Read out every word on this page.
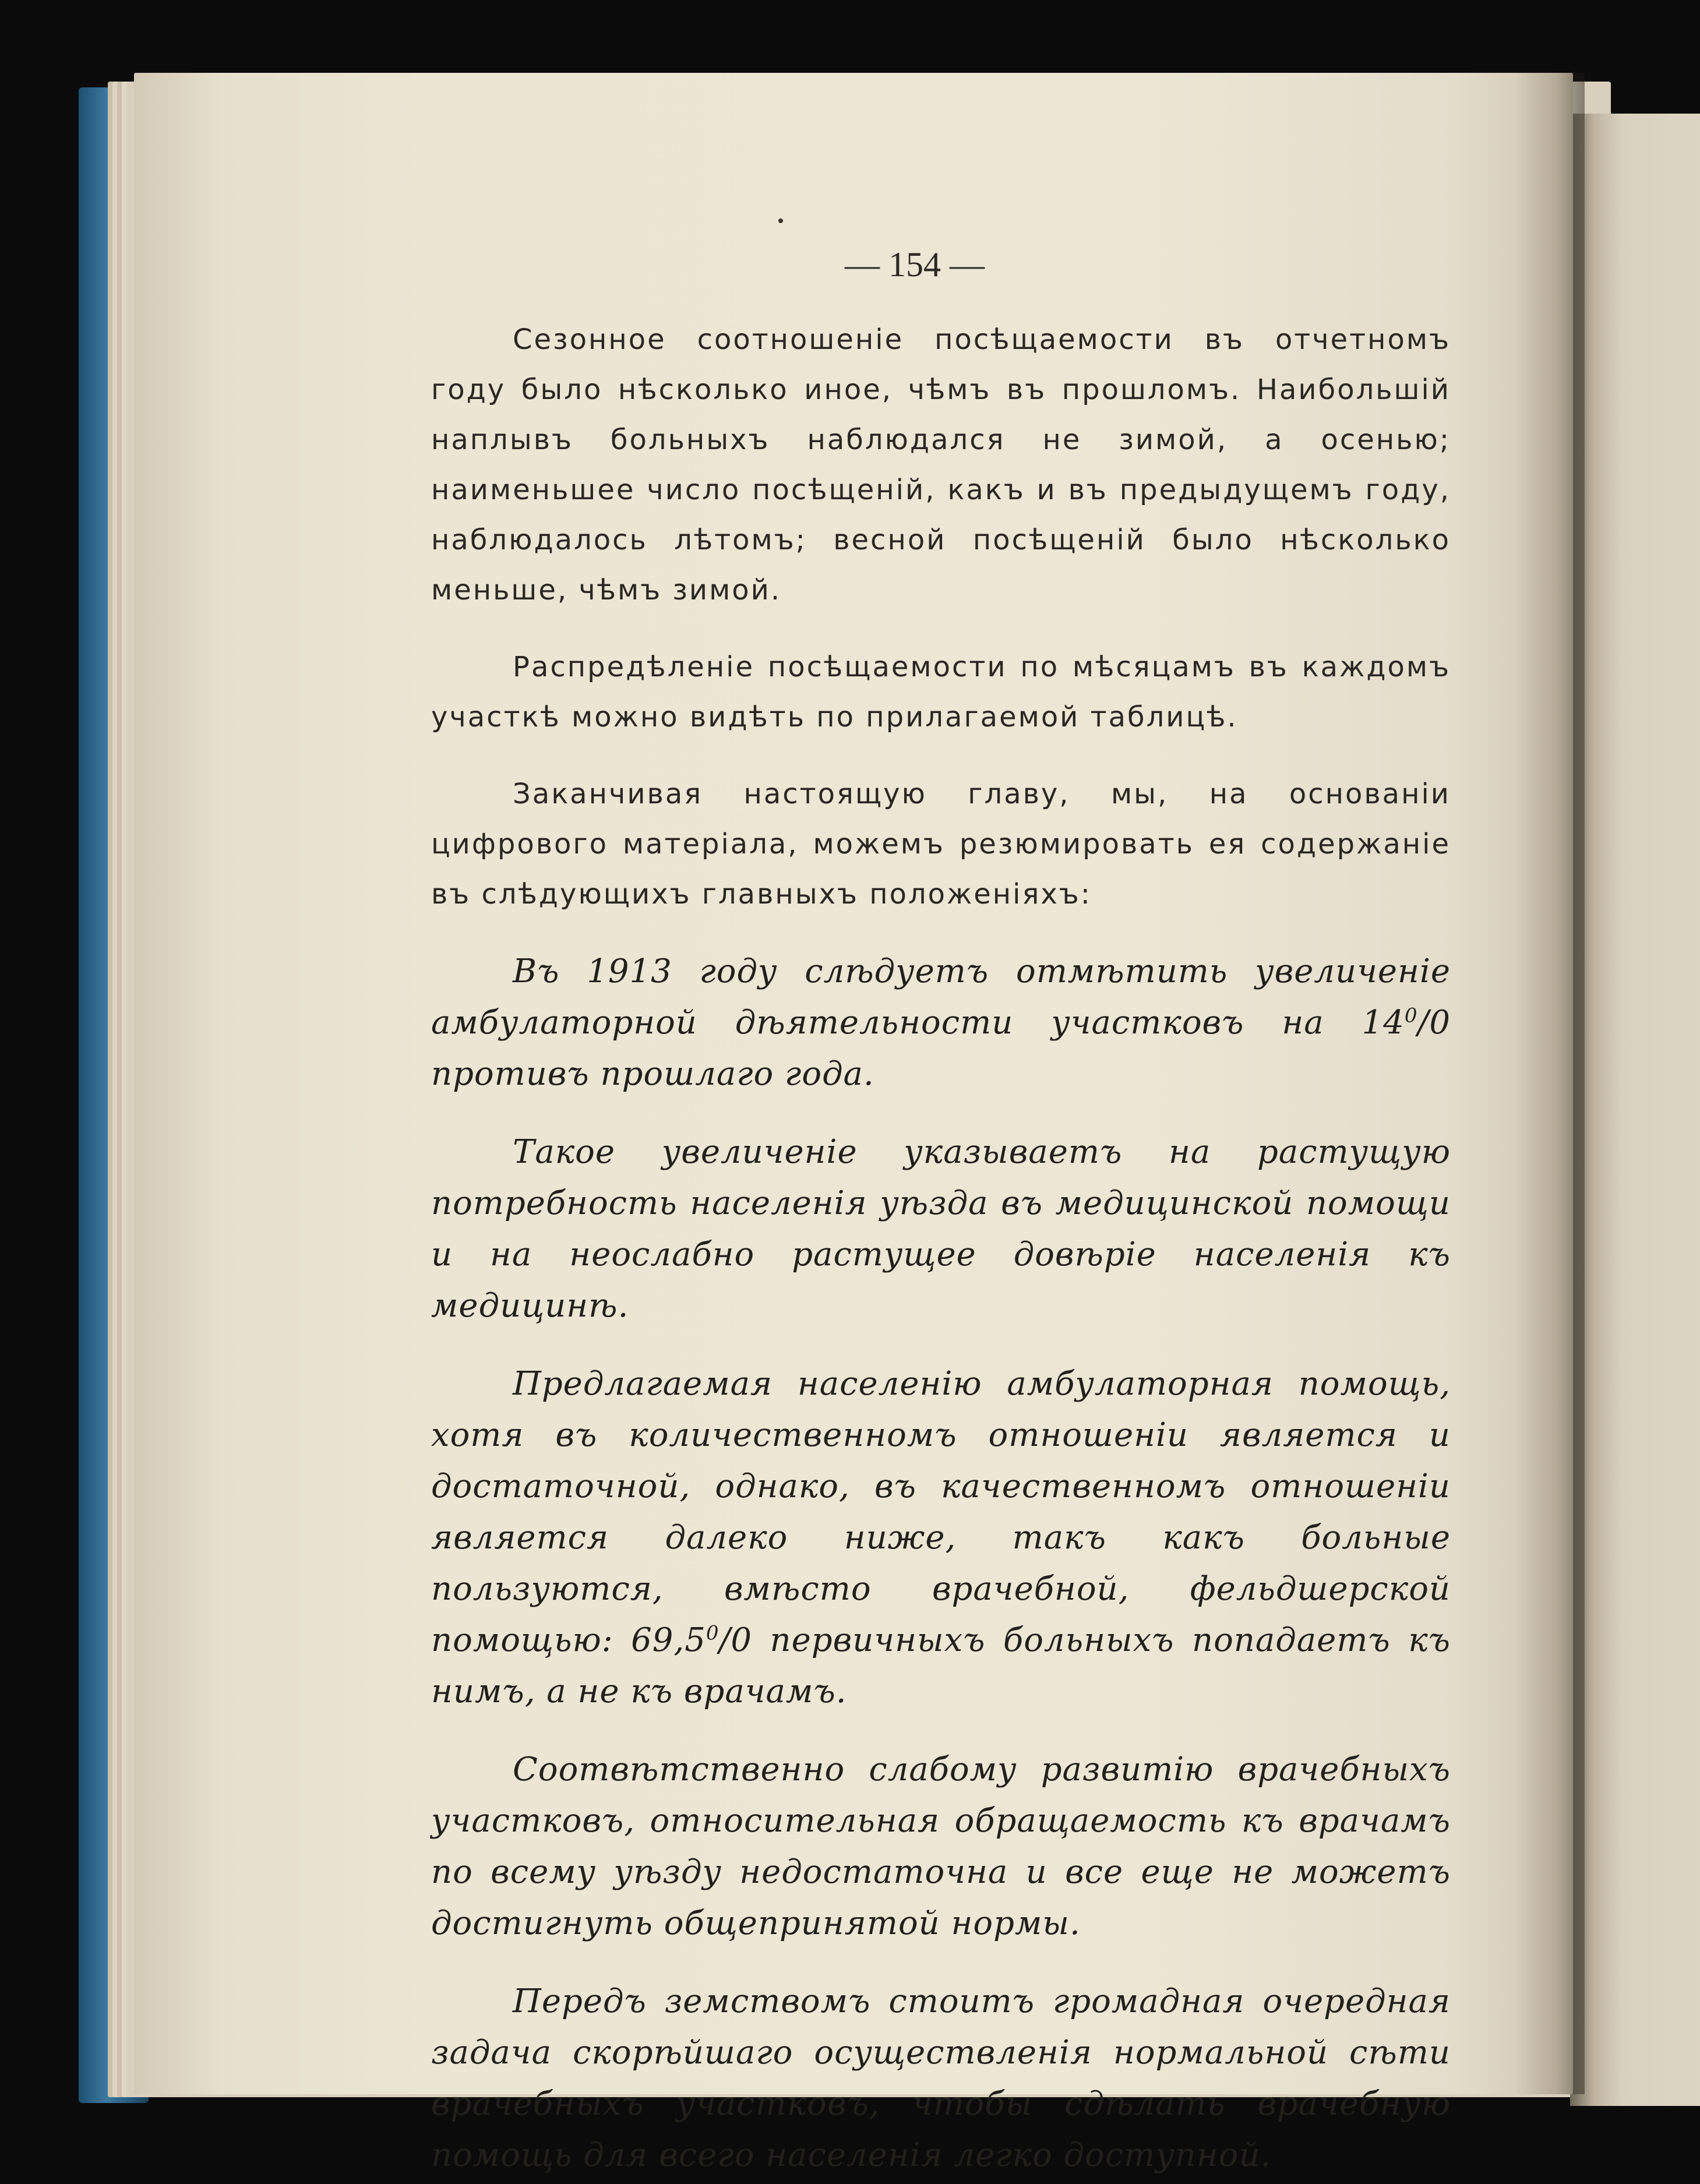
— 154 —

Сезонное соотношеніе посѣщаемости въ отчетномъ году было нѣсколько иное, чѣмъ въ прошломъ. Наибольшій наплывъ больныхъ наблюдался не зимой, а осенью; наименьшее число посѣщеній, какъ и въ предыдущемъ году, наблюдалось лѣтомъ; весной посѣщеній было нѣсколько меньше, чѣмъ зимой.

Распредѣленіе посѣщаемости по мѣсяцамъ въ каждомъ участкѣ можно видѣть по прилагаемой таблицѣ.

Заканчивая настоящую главу, мы, на основаніи цифрового матеріала, можемъ резюмировать ея содержаніе въ слѣдующихъ главныхъ положеніяхъ:

Въ 1913 году слѣдуетъ отмѣтить увеличеніе амбулаторной дѣятельности участковъ на $14^0/0$ противъ прошлаго года.

Такое увеличеніе указываетъ на растущую потребность населенія уѣзда въ медицинской помощи и на неослабно растущее довѣріе населенія къ медицинѣ.

Предлагаемая населенію амбулаторная помощь, хотя въ количественномъ отношеніи является и достаточной, однако, въ качественномъ отношеніи является далеко ниже, такъ какъ больные пользуются, вмѣсто врачебной, фельдшерской помощью: 69,5$^0$/0 первичныхъ больныхъ попадаетъ къ нимъ, а не къ врачамъ.

Соотвѣтственно слабому развитію врачебныхъ участковъ, относительная обращаемость къ врачамъ по всему уѣзду недостаточна и все еще не можетъ достигнуть общепринятой нормы.

Передъ земствомъ стоитъ громадная очередная задача скорѣйшаго осуществленія нормальной сѣти врачебныхъ участковъ, чтобы сдѣлать врачебную помощь для всего населенія легко доступной.
